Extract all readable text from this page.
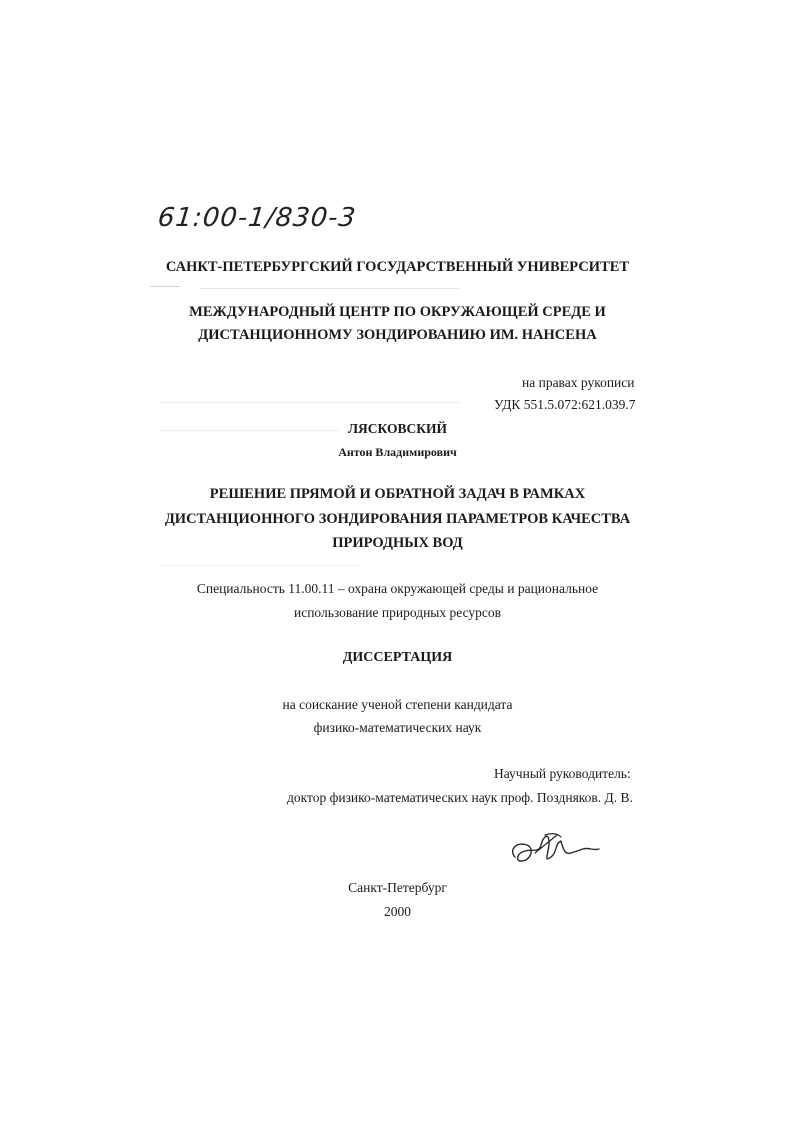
61:00-1/830-3
САНКТ-ПЕТЕРБУРГСКИЙ ГОСУДАРСТВЕННЫЙ УНИВЕРСИТЕТ
МЕЖДУНАРОДНЫЙ ЦЕНТР ПО ОКРУЖАЮЩЕЙ СРЕДЕ И
ДИСТАНЦИОННОМУ ЗОНДИРОВАНИЮ ИМ. НАНСЕНА
на правах рукописи
УДК 551.5.072:621.039.7
ЛЯСКОВСКИЙ
Антон Владимирович
РЕШЕНИЕ ПРЯМОЙ И ОБРАТНОЙ ЗАДАЧ В РАМКАХ
ДИСТАНЦИОННОГО ЗОНДИРОВАНИЯ ПАРАМЕТРОВ КАЧЕСТВА
ПРИРОДНЫХ ВОД
Специальность 11.00.11 – охрана окружающей среды и рациональное
использование природных ресурсов
ДИССЕРТАЦИЯ
на соискание ученой степени кандидата
физико-математических наук
Научный руководитель:
доктор физико-математических наук проф. Поздняков. Д. В.
Санкт-Петербург
2000
